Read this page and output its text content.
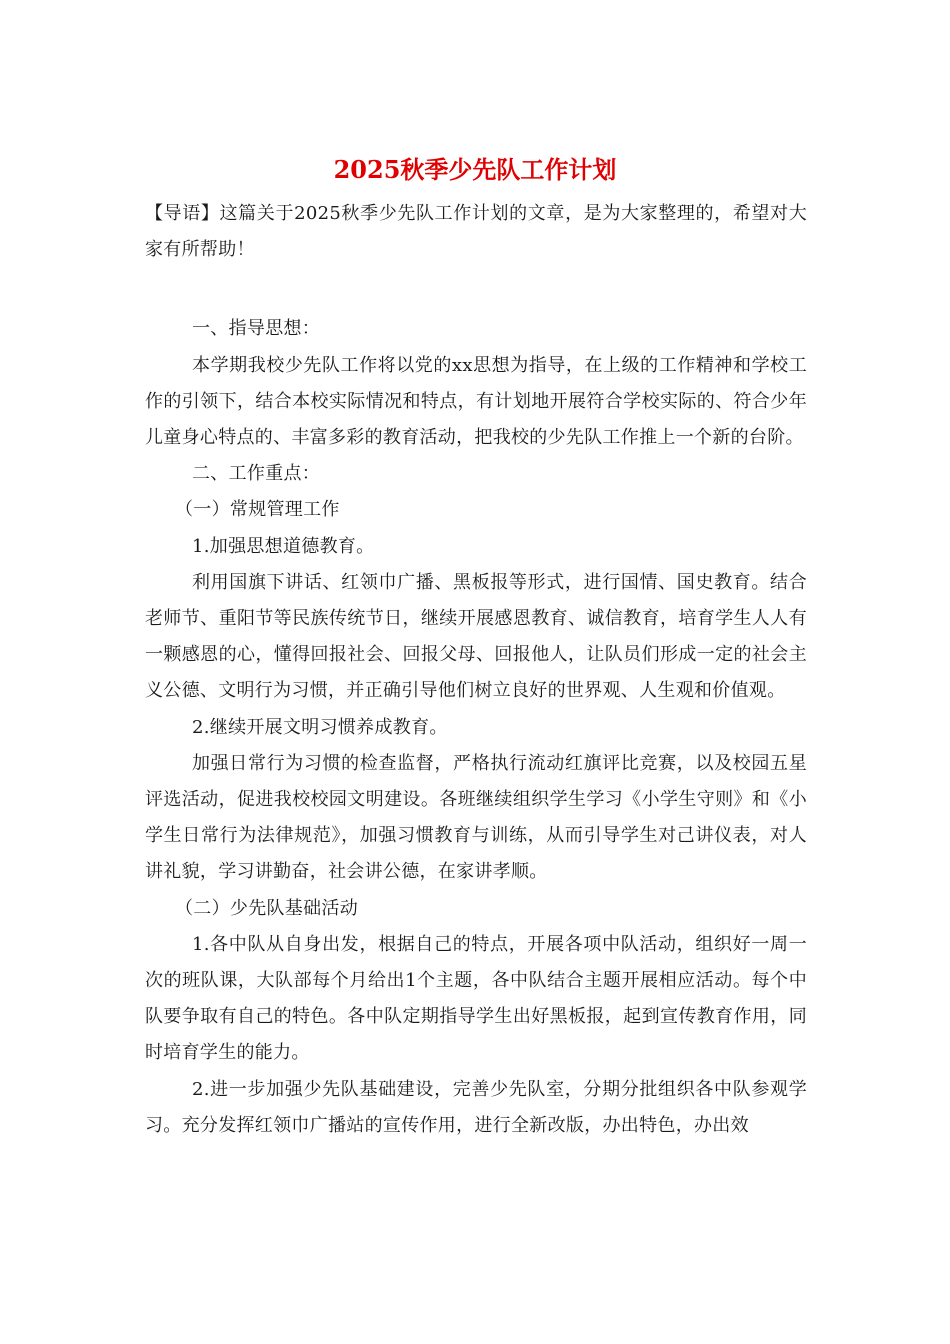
2025秋季少先队工作计划

【导语】这篇关于2025秋季少先队工作计划的文章，是为大家整理的，希望对大家有所帮助！

一、指导思想：

本学期我校少先队工作将以党的xx思想为指导，在上级的工作精神和学校工作的引领下，结合本校实际情况和特点，有计划地开展符合学校实际的、符合少年儿童身心特点的、丰富多彩的教育活动，把我校的少先队工作推上一个新的台阶。

二、工作重点：

（一）常规管理工作

1.加强思想道德教育。

利用国旗下讲话、红领巾广播、黑板报等形式，进行国情、国史教育。结合老师节、重阳节等民族传统节日，继续开展感恩教育、诚信教育，培育学生人人有一颗感恩的心，懂得回报社会、回报父母、回报他人，让队员们形成一定的社会主义公德、文明行为习惯，并正确引导他们树立良好的世界观、人生观和价值观。

2.继续开展文明习惯养成教育。

加强日常行为习惯的检查监督，严格执行流动红旗评比竞赛，以及校园五星评选活动，促进我校校园文明建设。各班继续组织学生学习《小学生守则》和《小学生日常行为法律规范》，加强习惯教育与训练，从而引导学生对己讲仪表，对人讲礼貌，学习讲勤奋，社会讲公德，在家讲孝顺。

（二）少先队基础活动

1.各中队从自身出发，根据自己的特点，开展各项中队活动，组织好一周一次的班队课，大队部每个月给出1个主题，各中队结合主题开展相应活动。每个中队要争取有自己的特色。各中队定期指导学生出好黑板报，起到宣传教育作用，同时培育学生的能力。

2.进一步加强少先队基础建设，完善少先队室，分期分批组织各中队参观学习。充分发挥红领巾广播站的宣传作用，进行全新改版，办出特色，办出效
